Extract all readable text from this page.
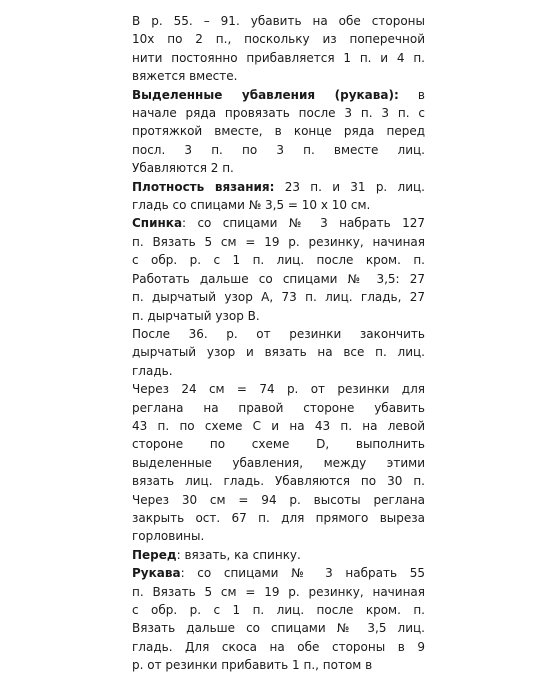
В р. 55. – 91. убавить на обе стороны
10х по 2 п., поскольку из поперечной
нити постоянно прибавляется 1 п. и 4 п.
вяжется вместе.
Выделенные убавления (рукава): в
начале ряда провязать после 3 п. 3 п. с
протяжкой вместе, в конце ряда перед
посл. 3 п. по 3 п. вместе лиц.
Убавляются 2 п.
Плотность вязания: 23 п. и 31 р. лиц.
гладь со спицами № 3,5 = 10 х 10 см.
Спинка: со спицами № 3 набрать 127
п. Вязать 5 см = 19 р. резинку, начиная
с обр. р. с 1 п. лиц. после кром. п.
Работать дальше со спицами № 3,5: 27
п. дырчатый узор А, 73 п. лиц. гладь, 27
п. дырчатый узор В.
После 36. р. от резинки закончить
дырчатый узор и вязать на все п. лиц.
гладь.
Через 24 см = 74 р. от резинки для
реглана на правой стороне убавить
43 п. по схеме С и на 43 п. на левой
стороне по схеме D, выполнить
выделенные убавления, между этими
вязать лиц. гладь. Убавляются по 30 п.
Через 30 см = 94 р. высоты реглана
закрыть ост. 67 п. для прямого выреза
горловины.
Перед: вязать, ка спинку.
Рукава: со спицами № 3 набрать 55
п. Вязать 5 см = 19 р. резинку, начиная
с обр. р. с 1 п. лиц. после кром. п.
Вязать дальше со спицами № 3,5 лиц.
гладь. Для скоса на обе стороны в 9
р. от резинки прибавить 1 п., потом в
